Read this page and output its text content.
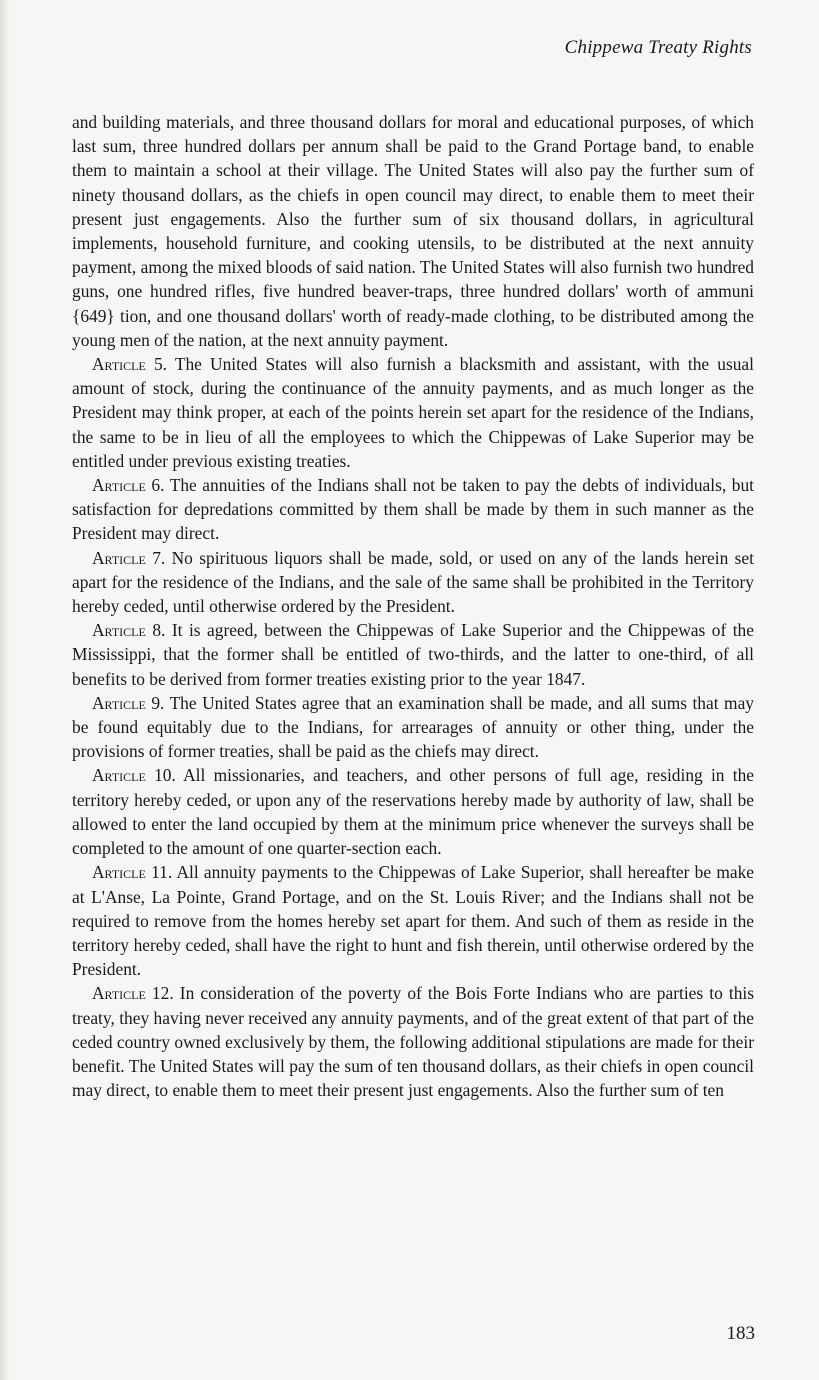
Chippewa Treaty Rights

and building materials, and three thousand dollars for moral and educational purposes, of which last sum, three hundred dollars per annum shall be paid to the Grand Portage band, to enable them to maintain a school at their village. The United States will also pay the further sum of ninety thousand dollars, as the chiefs in open council may direct, to enable them to meet their present just engagements. Also the further sum of six thousand dollars, in agricultural implements, household furniture, and cooking utensils, to be distributed at the next annuity payment, among the mixed bloods of said nation. The United States will also furnish two hundred guns, one hundred rifles, five hundred beaver-traps, three hundred dollars' worth of ammuni {649} tion, and one thousand dollars' worth of ready-made clothing, to be distributed among the young men of the nation, at the next annuity payment.

Article 5. The United States will also furnish a blacksmith and assistant, with the usual amount of stock, during the continuance of the annuity payments, and as much longer as the President may think proper, at each of the points herein set apart for the residence of the Indians, the same to be in lieu of all the employees to which the Chippewas of Lake Superior may be entitled under previous existing treaties.

Article 6. The annuities of the Indians shall not be taken to pay the debts of individuals, but satisfaction for depredations committed by them shall be made by them in such manner as the President may direct.

Article 7. No spirituous liquors shall be made, sold, or used on any of the lands herein set apart for the residence of the Indians, and the sale of the same shall be prohibited in the Territory hereby ceded, until otherwise ordered by the President.

Article 8. It is agreed, between the Chippewas of Lake Superior and the Chippewas of the Mississippi, that the former shall be entitled of two-thirds, and the latter to one-third, of all benefits to be derived from former treaties existing prior to the year 1847.

Article 9. The United States agree that an examination shall be made, and all sums that may be found equitably due to the Indians, for arrearages of annuity or other thing, under the provisions of former treaties, shall be paid as the chiefs may direct.

Article 10. All missionaries, and teachers, and other persons of full age, residing in the territory hereby ceded, or upon any of the reservations hereby made by authority of law, shall be allowed to enter the land occupied by them at the minimum price whenever the surveys shall be completed to the amount of one quarter-section each.

Article 11. All annuity payments to the Chippewas of Lake Superior, shall hereafter be make at L'Anse, La Pointe, Grand Portage, and on the St. Louis River; and the Indians shall not be required to remove from the homes hereby set apart for them. And such of them as reside in the territory hereby ceded, shall have the right to hunt and fish therein, until otherwise ordered by the President.

Article 12. In consideration of the poverty of the Bois Forte Indians who are parties to this treaty, they having never received any annuity payments, and of the great extent of that part of the ceded country owned exclusively by them, the following additional stipulations are made for their benefit. The United States will pay the sum of ten thousand dollars, as their chiefs in open council may direct, to enable them to meet their present just engagements. Also the further sum of ten

183
